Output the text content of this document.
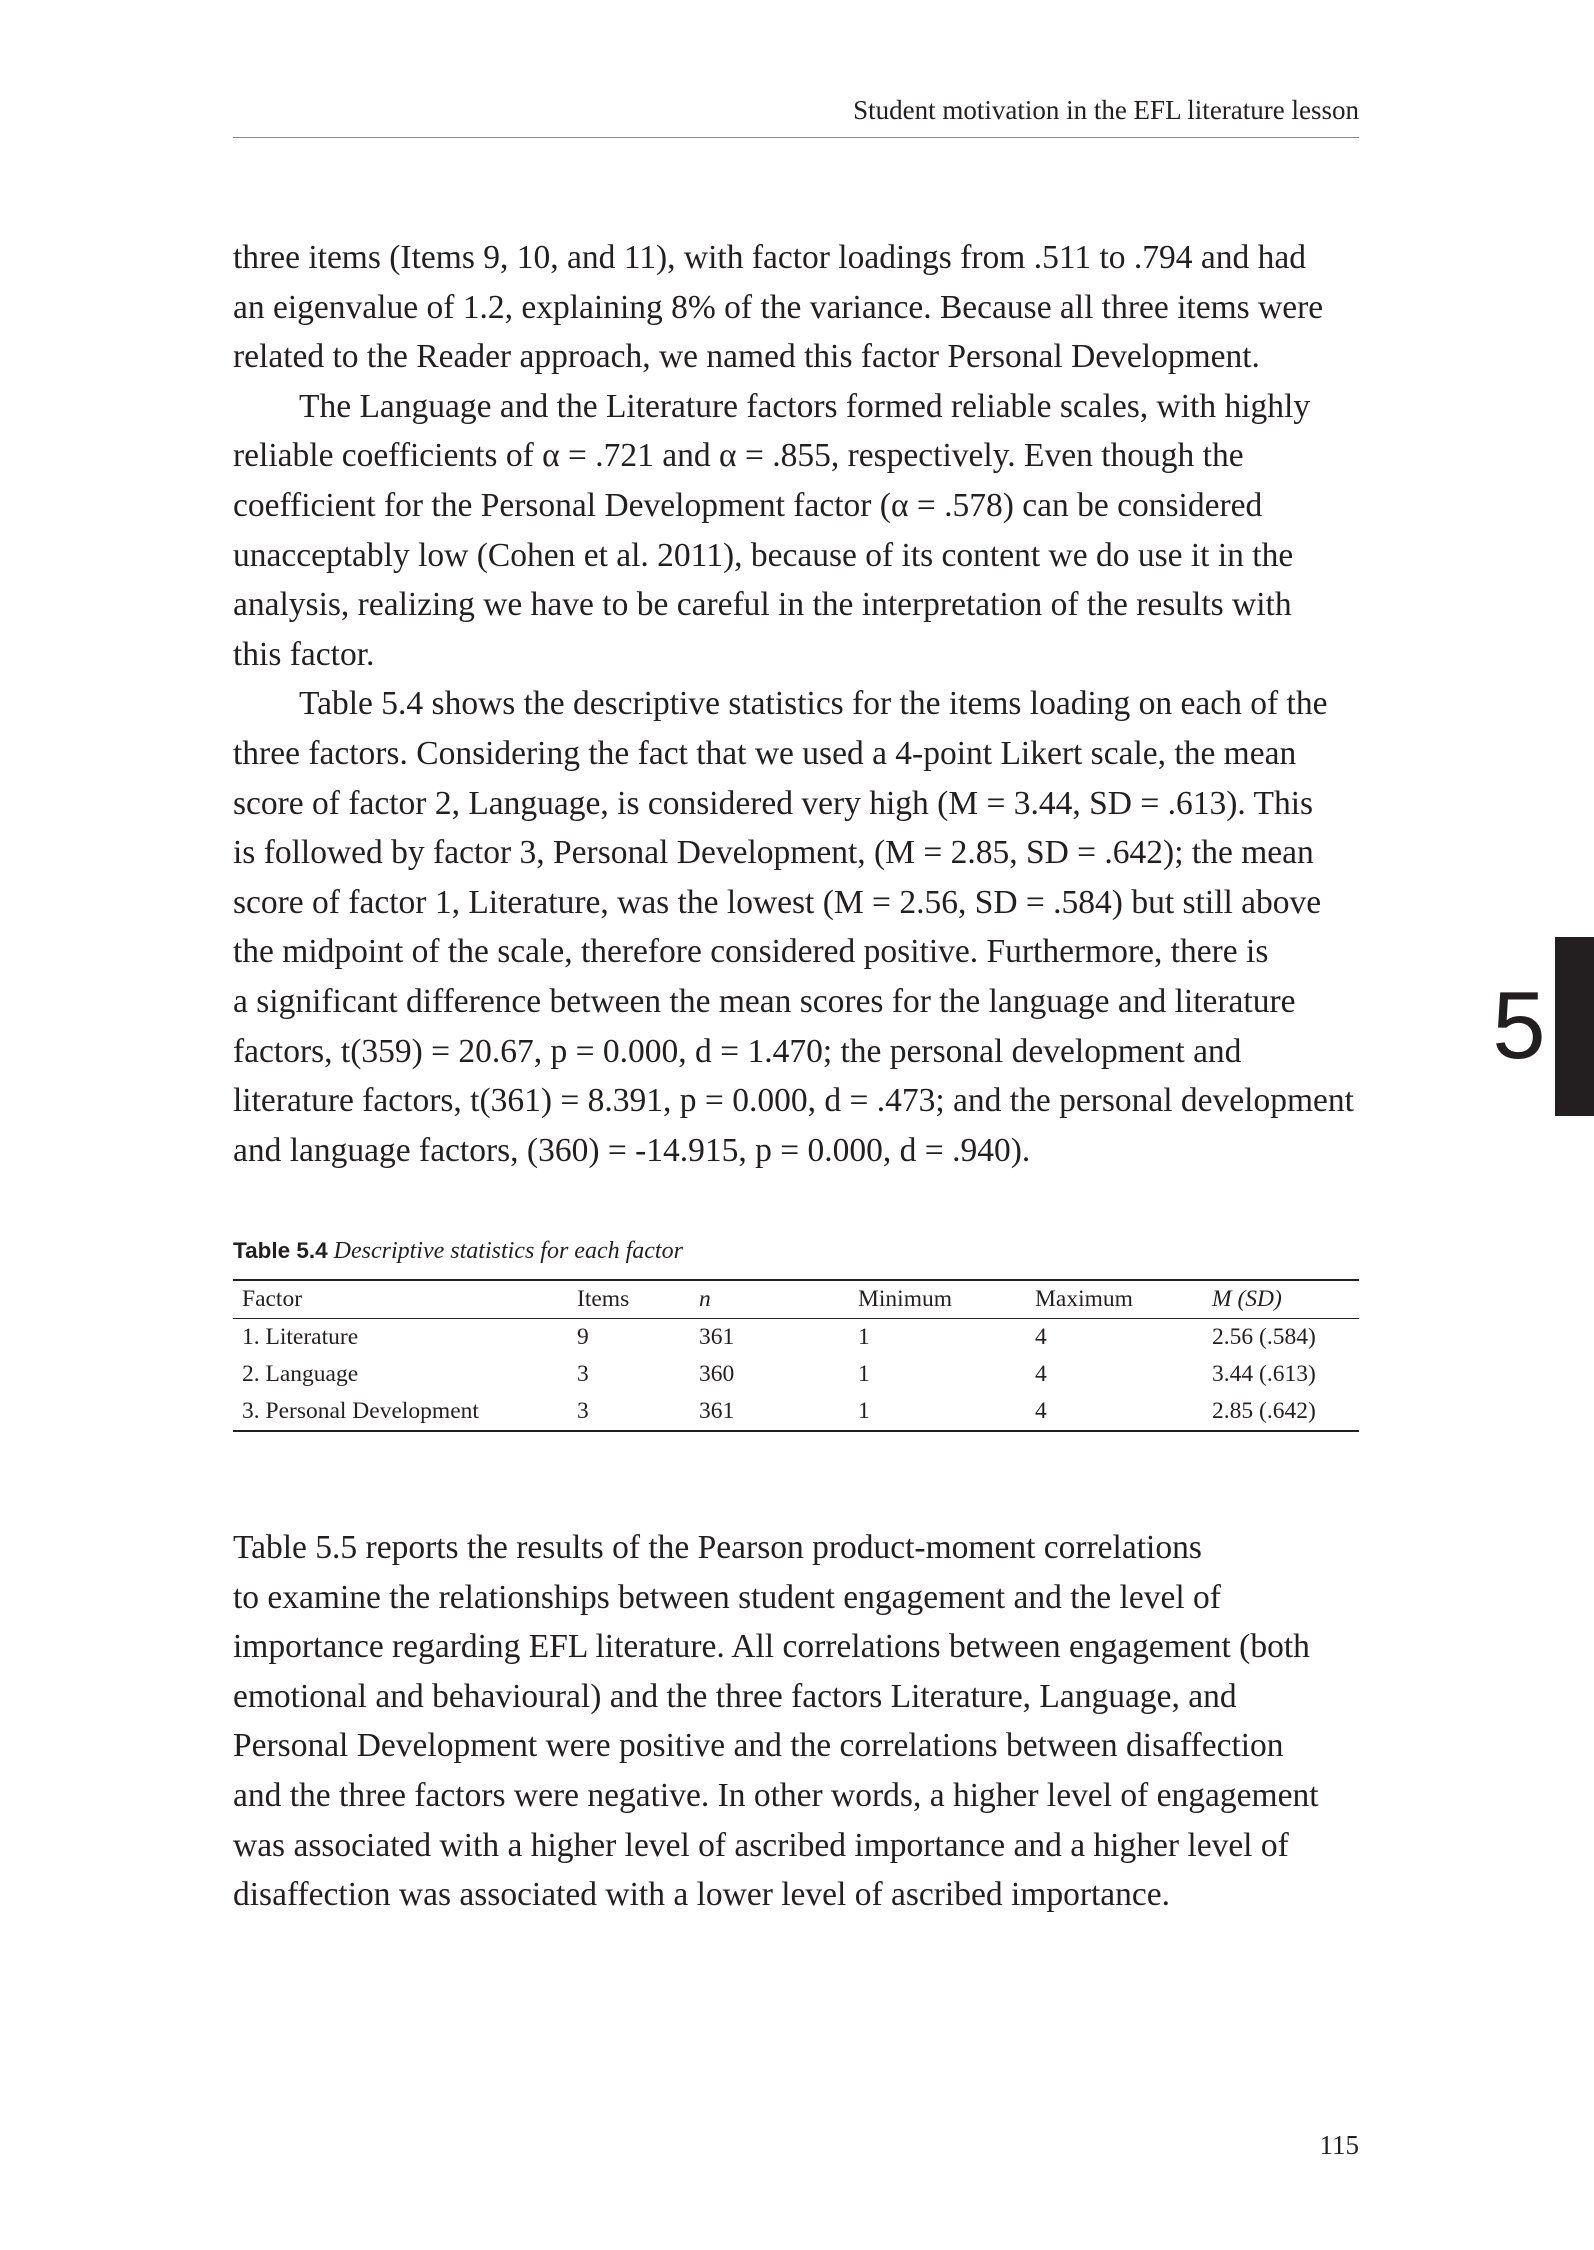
Student motivation in the EFL literature lesson
three items (Items 9, 10, and 11), with factor loadings from .511 to .794 and had
an eigenvalue of 1.2, explaining 8% of the variance. Because all three items were
related to the Reader approach, we named this factor Personal Development.
The Language and the Literature factors formed reliable scales, with highly
reliable coefficients of α = .721 and α = .855, respectively. Even though the
coefficient for the Personal Development factor (α = .578) can be considered
unacceptably low (Cohen et al. 2011), because of its content we do use it in the
analysis, realizing we have to be careful in the interpretation of the results with
this factor.
Table 5.4 shows the descriptive statistics for the items loading on each of the
three factors. Considering the fact that we used a 4-point Likert scale, the mean
score of factor 2, Language, is considered very high (M = 3.44, SD = .613). This
is followed by factor 3, Personal Development, (M = 2.85, SD = .642); the mean
score of factor 1, Literature, was the lowest (M = 2.56, SD = .584) but still above
the midpoint of the scale, therefore considered positive. Furthermore, there is
a significant difference between the mean scores for the language and literature
factors, t(359) = 20.67, p = 0.000, d = 1.470; the personal development and
literature factors, t(361) = 8.391, p = 0.000, d = .473; and the personal development
and language factors, (360) = -14.915, p = 0.000, d = .940).
Table 5.4 Descriptive statistics for each factor
Factor	Items	n	Minimum	Maximum	M (SD)
1. Literature	9	361	1	4	2.56 (.584)
2. Language	3	360	1	4	3.44 (.613)
3. Personal Development	3	361	1	4	2.85 (.642)
Table 5.5 reports the results of the Pearson product-moment correlations
to examine the relationships between student engagement and the level of
importance regarding EFL literature. All correlations between engagement (both
emotional and behavioural) and the three factors Literature, Language, and
Personal Development were positive and the correlations between disaffection
and the three factors were negative. In other words, a higher level of engagement
was associated with a higher level of ascribed importance and a higher level of
disaffection was associated with a lower level of ascribed importance.
5
115
